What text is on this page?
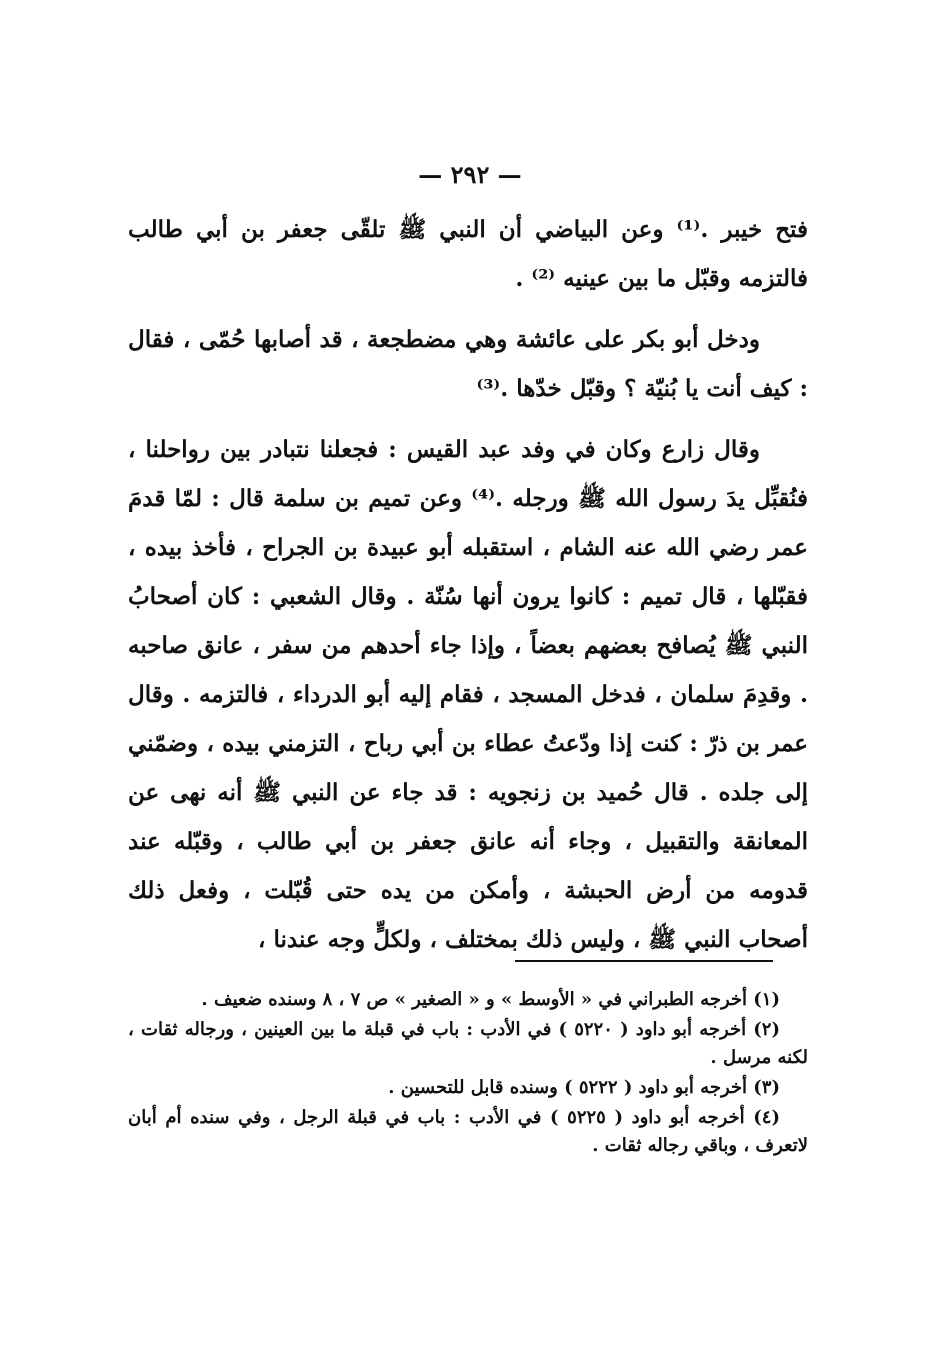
— ٢٩٢ —

فتح خيبر .⁽¹⁾ وعن البياضي أن النبي ﷺ تلقّى جعفر بن أبي طالب فالتزمه وقبّل ما بين عينيه ⁽²⁾ .

ودخل أبو بكر على عائشة وهي مضطجعة ، قد أصابها حُمّى ، فقال : كيف أنت يا بُنيّة ؟ وقبّل خدّها .⁽³⁾

وقال زارع وكان في وفد عبد القيس : فجعلنا نتبادر بين رواحلنا ، فنُقبِّل يدَ رسول الله ﷺ ورجله .⁽⁴⁾ وعن تميم بن سلمة قال : لمّا قدمَ عمر رضي الله عنه الشام ، استقبله أبو عبيدة بن الجراح ، فأخذ بيده ، فقبّلها ، قال تميم : كانوا يرون أنها سُنّة . وقال الشعبي : كان أصحابُ النبي ﷺ يُصافح بعضهم بعضاً ، وإذا جاء أحدهم من سفر ، عانق صاحبه . وقدِمَ سلمان ، فدخل المسجد ، فقام إليه أبو الدرداء ، فالتزمه . وقال عمر بن ذرّ : كنت إذا ودّعتُ عطاء بن أبي رباح ، التزمني بيده ، وضمّني إلى جلده . قال حُميد بن زنجويه : قد جاء عن النبي ﷺ أنه نهى عن المعانقة والتقبيل ، وجاء أنه عانق جعفر بن أبي طالب ، وقبّله عند قدومه من أرض الحبشة ، وأمكن من يده حتى قُبّلت ، وفعل ذلك أصحاب النبي ﷺ ، وليس ذلك بمختلف ، ولكلٍّ وجه عندنا ،

(١) أخرجه الطبراني في « الأوسط » و « الصغير » ص ٧ ، ٨ وسنده ضعيف .

(٢) أخرجه أبو داود ( ٥٢٢٠ ) في الأدب : باب في قبلة ما بين العينين ، ورجاله ثقات ، لكنه مرسل .

(٣) أخرجه أبو داود ( ٥٢٢٢ ) وسنده قابل للتحسين .

(٤) أخرجه أبو داود ( ٥٢٢٥ ) في الأدب : باب في قبلة الرجل ، وفي سنده أم أبان لاتعرف ، وباقي رجاله ثقات .
